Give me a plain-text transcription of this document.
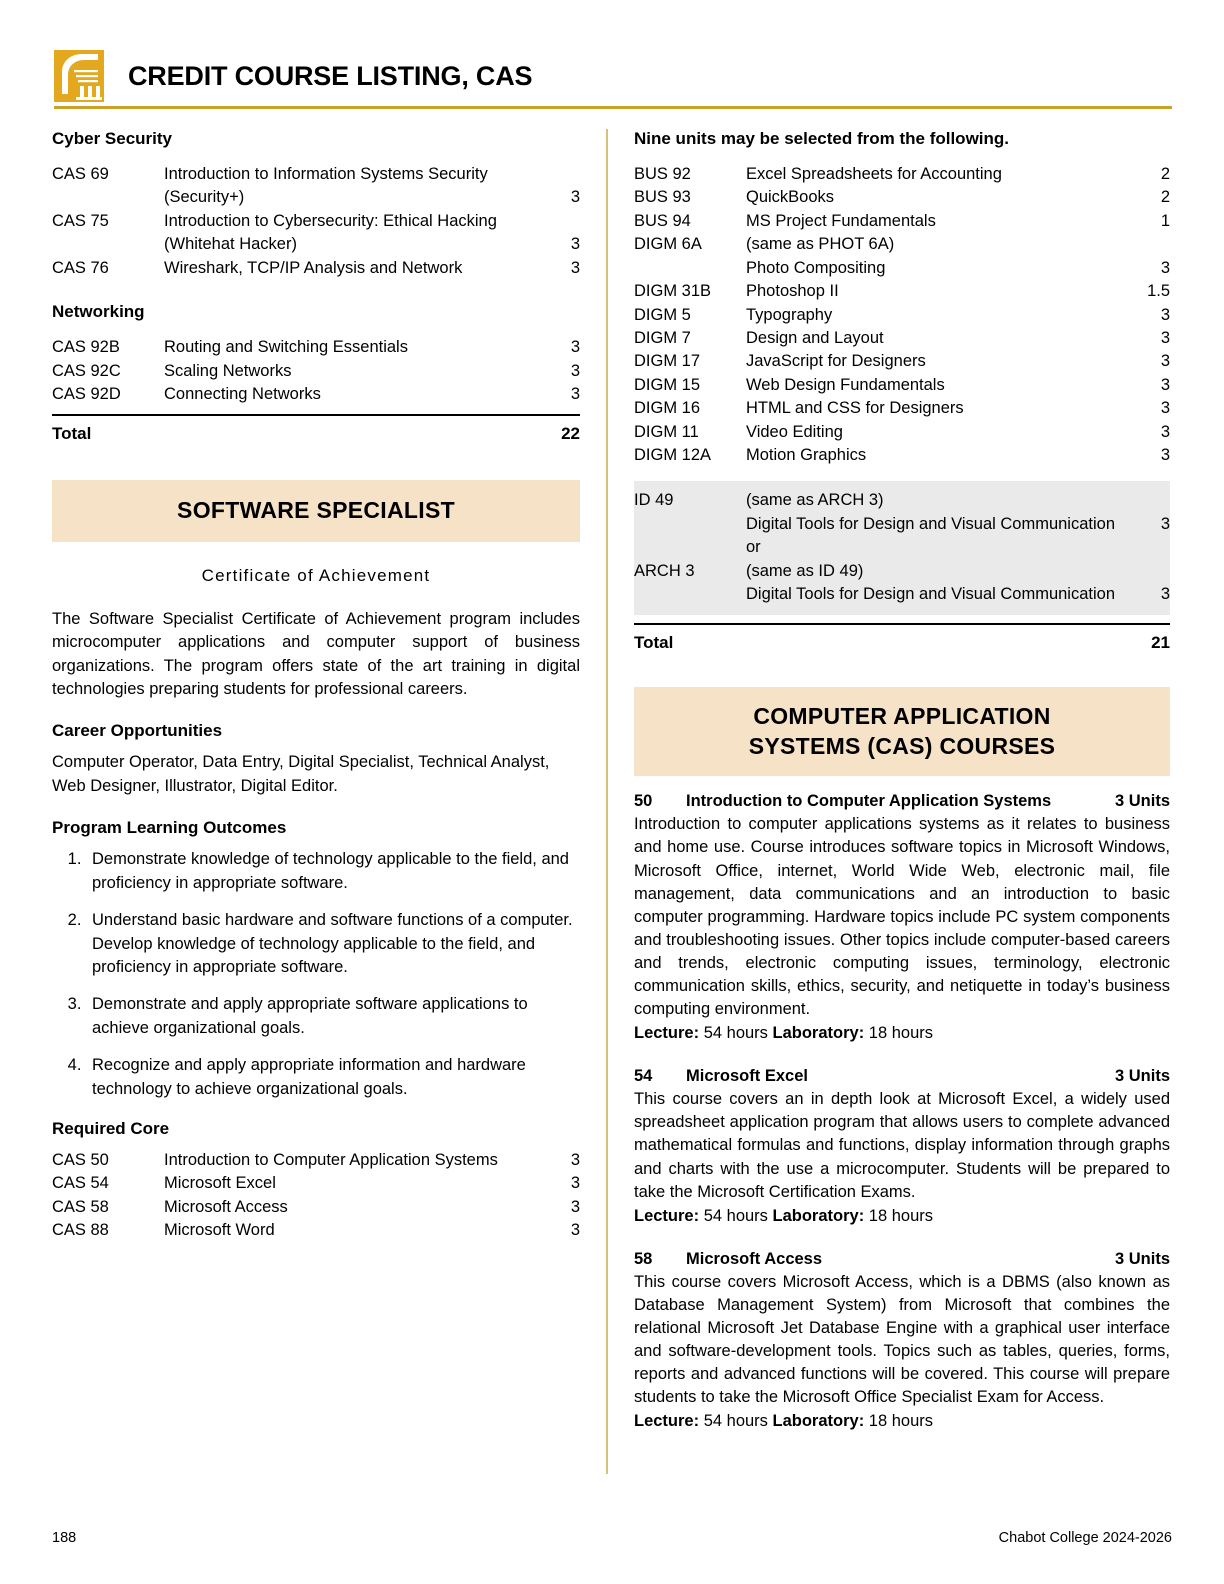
CREDIT COURSE LISTING, CAS
Cyber Security
CAS 69	Introduction to Information Systems Security	
	(Security+)	3
CAS 75	Introduction to Cybersecurity: Ethical Hacking	
	(Whitehat Hacker)	3
CAS 76	Wireshark, TCP/IP Analysis and Network	3
Networking
CAS 92B	Routing and Switching Essentials	3
CAS 92C	Scaling Networks	3
CAS 92D	Connecting Networks	3
Total	22
SOFTWARE SPECIALIST
Certificate of Achievement

The Software Specialist Certificate of Achievement program includes microcomputer applications and computer support of business organizations. The program offers state of the art training in digital technologies preparing students for professional careers.

Career Opportunities

Computer Operator, Data Entry, Digital Specialist, Technical Analyst, Web Designer, Illustrator, Digital Editor.

Program Learning Outcomes
1. Demonstrate knowledge of technology applicable to the field, and proficiency in appropriate software.
2. Understand basic hardware and software functions of a computer. Develop knowledge of technology applicable to the field, and proficiency in appropriate software.
3. Demonstrate and apply appropriate software applications to achieve organizational goals.
4. Recognize and apply appropriate information and hardware technology to achieve organizational goals.
Required Core
CAS 50	Introduction to Computer Application Systems	3
CAS 54	Microsoft Excel	3
CAS 58	Microsoft Access	3
CAS 88	Microsoft Word	3
Nine units may be selected from the following.
BUS 92	Excel Spreadsheets for Accounting	2
BUS 93	QuickBooks	2
BUS 94	MS Project Fundamentals	1
DIGM 6A	(same as PHOT 6A)	
	Photo Compositing	3
DIGM 31B	Photoshop II	1.5
DIGM 5	Typography	3
DIGM 7	Design and Layout	3
DIGM 17	JavaScript for Designers	3
DIGM 15	Web Design Fundamentals	3
DIGM 16	HTML and CSS for Designers	3
DIGM 11	Video Editing	3
DIGM 12A	Motion Graphics	3
ID 49	(same as ARCH 3)	
	Digital Tools for Design and Visual Communication	3
	or	
ARCH 3	(same as ID 49)	
	Digital Tools for Design and Visual Communication	3
Total	21
COMPUTER APPLICATION
SYSTEMS (CAS) COURSES
50	Introduction to Computer Application Systems	3 Units

Introduction to computer applications systems as it relates to business and home use. Course introduces software topics in Microsoft Windows, Microsoft Office, internet, World Wide Web, electronic mail, file management, data communications and an introduction to basic computer programming. Hardware topics include PC system components and troubleshooting issues. Other topics include computer-based careers and trends, electronic computing issues, terminology, electronic communication skills, ethics, security, and netiquette in today’s business computing environment.

Lecture: 54 hours Laboratory: 18 hours
54	Microsoft Excel	3 Units

This course covers an in depth look at Microsoft Excel, a widely used spreadsheet application program that allows users to complete advanced mathematical formulas and functions, display information through graphs and charts with the use a microcomputer. Students will be prepared to take the Microsoft Certification Exams.

Lecture: 54 hours Laboratory: 18 hours
58	Microsoft Access	3 Units

This course covers Microsoft Access, which is a DBMS (also known as Database Management System) from Microsoft that combines the relational Microsoft Jet Database Engine with a graphical user interface and software-development tools. Topics such as tables, queries, forms, reports and advanced functions will be covered. This course will prepare students to take the Microsoft Office Specialist Exam for Access.

Lecture: 54 hours Laboratory: 18 hours
188	Chabot College 2024-2026
